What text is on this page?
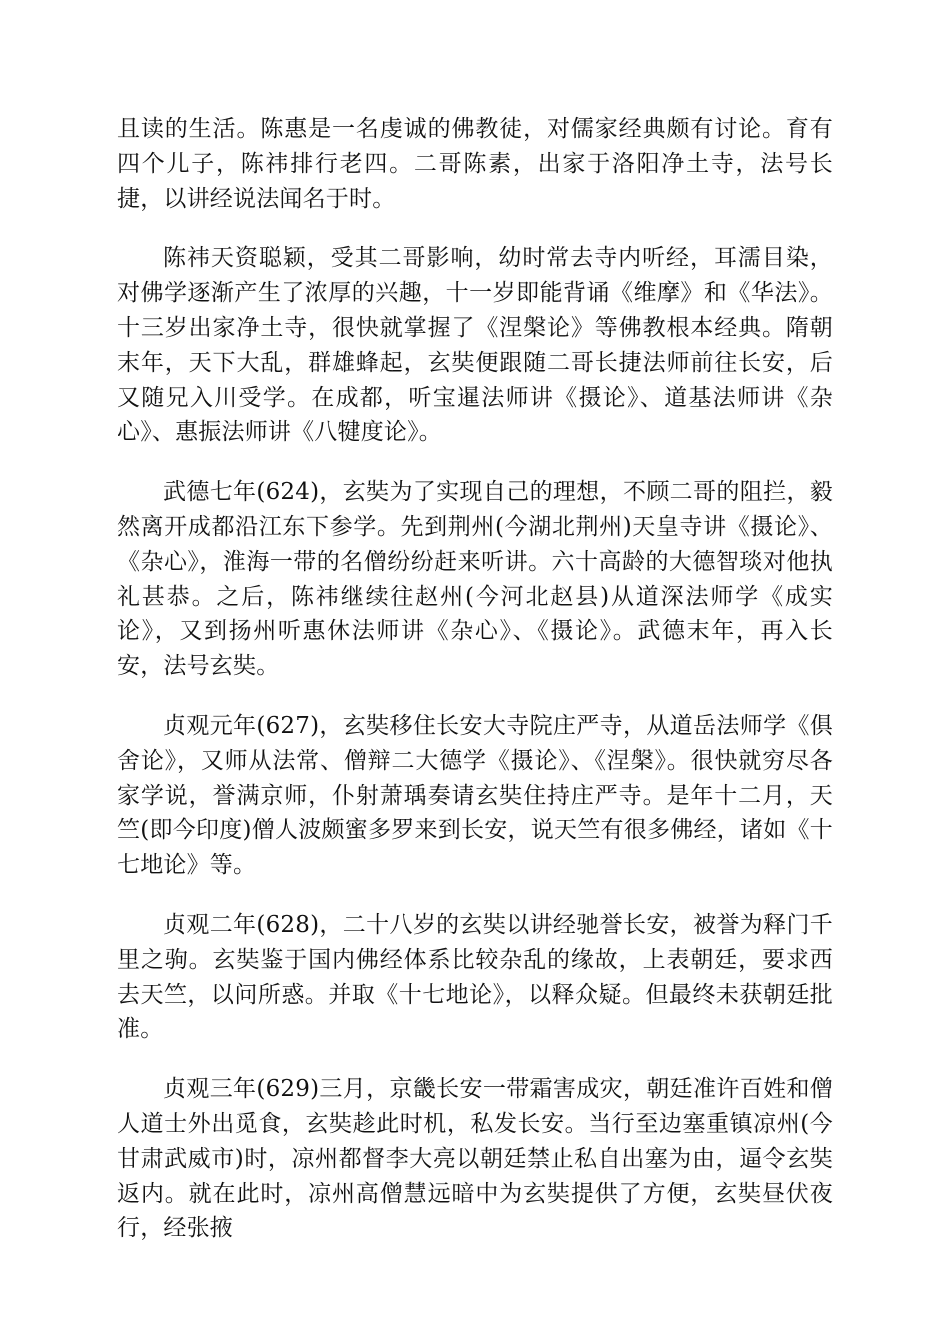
且读的生活。陈惠是一名虔诚的佛教徒，对儒家经典颇有讨论。育有四个儿子，陈祎排行老四。二哥陈素，出家于洛阳净土寺，法号长捷，以讲经说法闻名于时。

陈祎天资聪颖，受其二哥影响，幼时常去寺内听经，耳濡目染，对佛学逐渐产生了浓厚的兴趣，十一岁即能背诵《维摩》和《华法》。十三岁出家净土寺，很快就掌握了《涅槃论》等佛教根本经典。隋朝末年，天下大乱，群雄蜂起，玄奘便跟随二哥长捷法师前往长安，后又随兄入川受学。在成都，听宝暹法师讲《摄论》、道基法师讲《杂心》、惠振法师讲《八犍度论》。

武德七年(624)，玄奘为了实现自己的理想，不顾二哥的阻拦，毅然离开成都沿江东下参学。先到荆州(今湖北荆州)天皇寺讲《摄论》、《杂心》，淮海一带的名僧纷纷赶来听讲。六十高龄的大德智琰对他执礼甚恭。之后，陈祎继续往赵州(今河北赵县)从道深法师学《成实论》，又到扬州听惠休法师讲《杂心》、《摄论》。武德末年，再入长安，法号玄奘。

贞观元年(627)，玄奘移住长安大寺院庄严寺，从道岳法师学《俱舍论》，又师从法常、僧辩二大德学《摄论》、《涅槃》。很快就穷尽各家学说，誉满京师，仆射萧瑀奏请玄奘住持庄严寺。是年十二月，天竺(即今印度)僧人波颇蜜多罗来到长安，说天竺有很多佛经，诸如《十七地论》等。

贞观二年(628)，二十八岁的玄奘以讲经驰誉长安，被誉为释门千里之驹。玄奘鉴于国内佛经体系比较杂乱的缘故，上表朝廷，要求西去天竺，以问所惑。并取《十七地论》，以释众疑。但最终未获朝廷批准。

贞观三年(629)三月，京畿长安一带霜害成灾，朝廷准许百姓和僧人道士外出觅食，玄奘趁此时机，私发长安。当行至边塞重镇凉州(今甘肃武威市)时，凉州都督李大亮以朝廷禁止私自出塞为由，逼令玄奘返内。就在此时，凉州高僧慧远暗中为玄奘提供了方便，玄奘昼伏夜行，经张掖
